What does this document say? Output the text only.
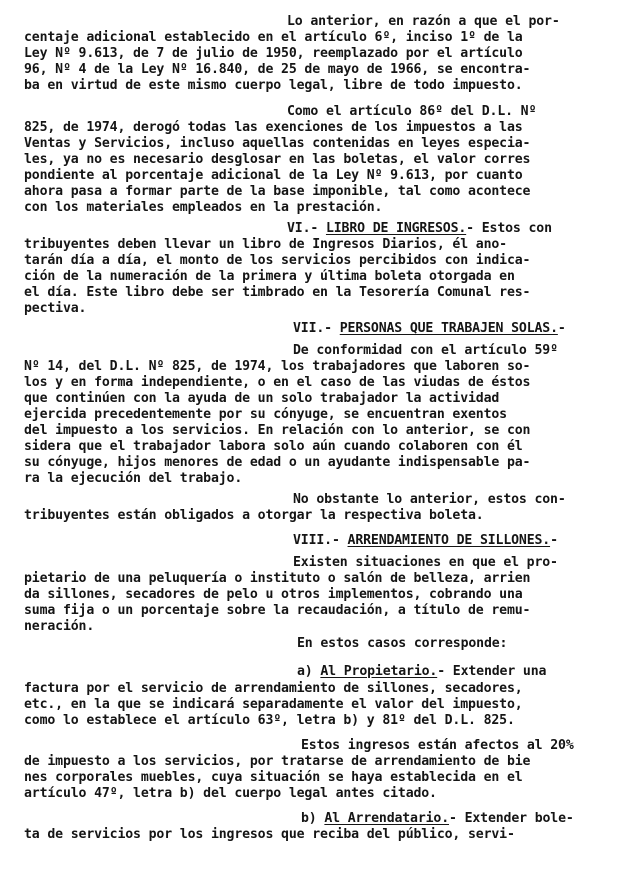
Lo anterior, en razón a que el por-

centaje adicional establecido en el artículo 6º, inciso 1º de la

Ley Nº 9.613, de 7 de julio de 1950, reemplazado por el artículo

96, Nº 4 de la Ley Nº 16.840, de 25 de mayo de 1966, se encontra-

ba en virtud de este mismo cuerpo legal, libre de todo impuesto.

Como el artículo 86º del D.L. Nº

825, de 1974, derogó todas las exenciones de los impuestos a las

Ventas y Servicios, incluso aquellas contenidas en leyes especia-

les, ya no es necesario desglosar en las boletas, el valor corres

pondiente al porcentaje adicional de la Ley Nº 9.613, por cuanto

ahora pasa a formar parte de la base imponible, tal como acontece

con los materiales empleados en la prestación.

VI.- LIBRO DE INGRESOS.- Estos con

tribuyentes deben llevar un libro de Ingresos Diarios, él ano-

tarán día a día, el monto de los servicios percibidos con indica-

ción de la numeración de la primera y última boleta otorgada en

el día. Este libro debe ser timbrado en la Tesorería Comunal res-

pectiva.

VII.- PERSONAS QUE TRABAJEN SOLAS.-

De conformidad con el artículo 59º

Nº 14, del D.L. Nº 825, de 1974, los trabajadores que laboren so-

los y en forma independiente, o en el caso de las viudas de éstos

que continúen con la ayuda de un solo trabajador la actividad

ejercida precedentemente por su cónyuge, se encuentran exentos

del impuesto a los servicios. En relación con lo anterior, se con

sidera que el trabajador labora solo aún cuando colaboren con él

su cónyuge, hijos menores de edad o un ayudante indispensable pa-

ra la ejecución del trabajo.

No obstante lo anterior, estos con-

tribuyentes están obligados a otorgar la respectiva boleta.

VIII.- ARRENDAMIENTO DE SILLONES.-

Existen situaciones en que el pro-

pietario de una peluquería o instituto o salón de belleza, arrien

da sillones, secadores de pelo u otros implementos, cobrando una

suma fija o un porcentaje sobre la recaudación, a título de remu-

neración.

En estos casos corresponde:

a) Al Propietario.- Extender una

factura por el servicio de arrendamiento de sillones, secadores,

etc., en la que se indicará separadamente el valor del impuesto,

como lo establece el artículo 63º, letra b) y 81º del D.L. 825.

Estos ingresos están afectos al 20%

de impuesto a los servicios, por tratarse de arrendamiento de bie

nes corporales muebles, cuya situación se haya establecida en el

artículo 47º, letra b) del cuerpo legal antes citado.

b) Al Arrendatario.- Extender bole-

ta de servicios por los ingresos que reciba del público, servi-
